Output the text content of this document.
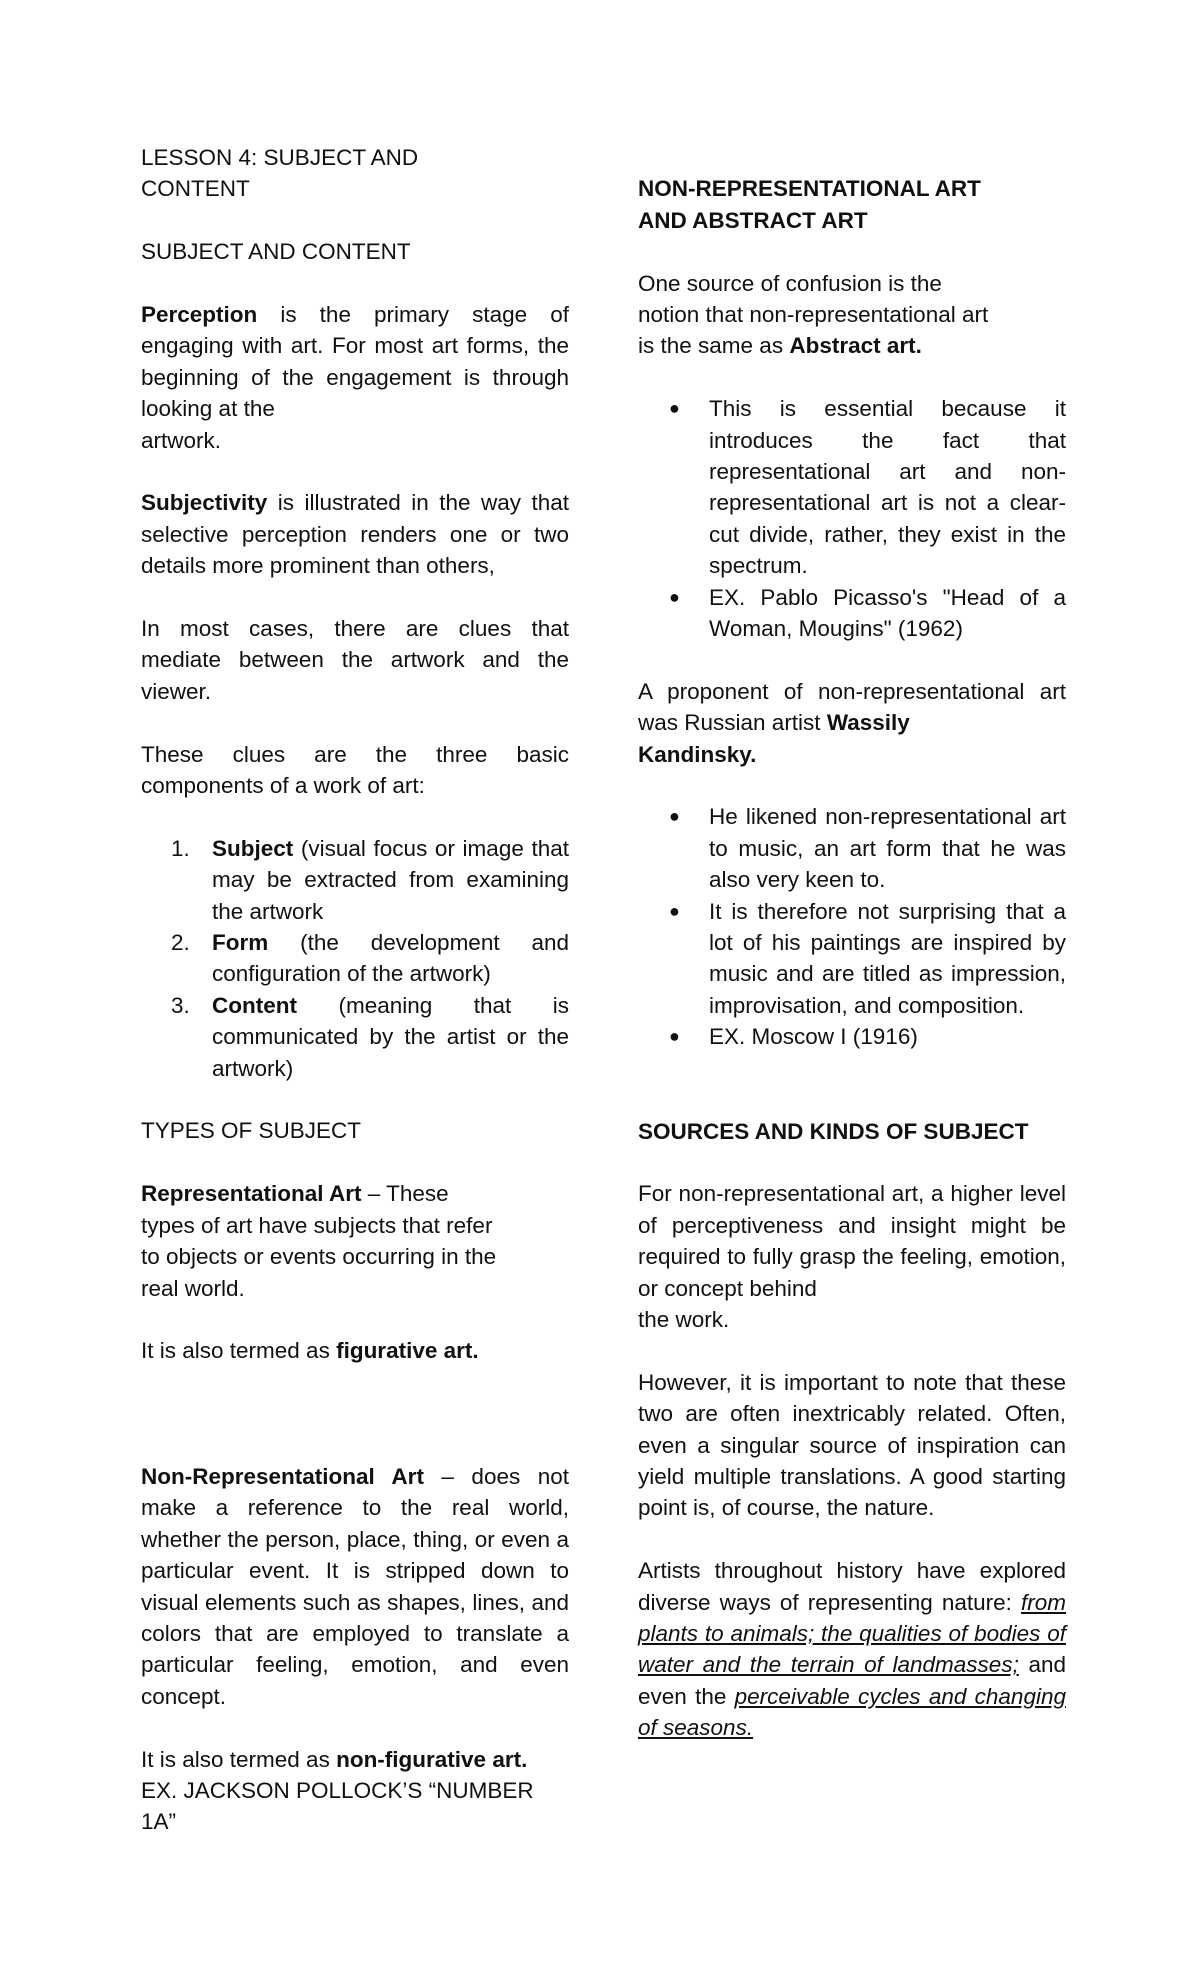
LESSON 4: SUBJECT AND
CONTENT

SUBJECT AND CONTENT

Perception is the primary stage of engaging with art. For most art forms, the beginning of the engagement is through looking at the
artwork.

Subjectivity is illustrated in the way that selective perception renders one or two details more prominent than others,

In most cases, there are clues that mediate between the artwork and the viewer.

These clues are the three basic components of a work of art:

1. Subject (visual focus or image that may be extracted from examining the artwork
2. Form (the development and configuration of the artwork)
3. Content (meaning that is communicated by the artist or the artwork)

TYPES OF SUBJECT

Representational Art – These
types of art have subjects that refer
to objects or events occurring in the
real world.

It is also termed as figurative art.

Non-Representational Art – does not make a reference to the real world, whether the person, place, thing, or even a particular event. It is stripped down to visual elements such as shapes, lines, and colors that are employed to translate a particular feeling, emotion, and even concept.

It is also termed as non-figurative art.
EX. JACKSON POLLOCK’S “NUMBER
1A”

NON-REPRESENTATIONAL ART
AND ABSTRACT ART

One source of confusion is the
notion that non-representational art
is the same as Abstract art.

● This is essential because it introduces the fact that representational art and non-representational art is not a clear-cut divide, rather, they exist in the spectrum.
● EX. Pablo Picasso's "Head of a Woman, Mougins" (1962)

A proponent of non-representational art was Russian artist Wassily
Kandinsky.

● He likened non-representational art to music, an art form that he was also very keen to.
● It is therefore not surprising that a lot of his paintings are inspired by music and are titled as impression, improvisation, and composition.
● EX. Moscow I (1916)

SOURCES AND KINDS OF SUBJECT

For non-representational art, a higher level of perceptiveness and insight might be required to fully grasp the feeling, emotion, or concept behind
the work.

However, it is important to note that these two are often inextricably related. Often, even a singular source of inspiration can yield multiple translations. A good starting point is, of course, the nature.

Artists throughout history have explored diverse ways of representing nature: from plants to animals; the qualities of bodies of water and the terrain of landmasses; and even the perceivable cycles and changing of seasons.
